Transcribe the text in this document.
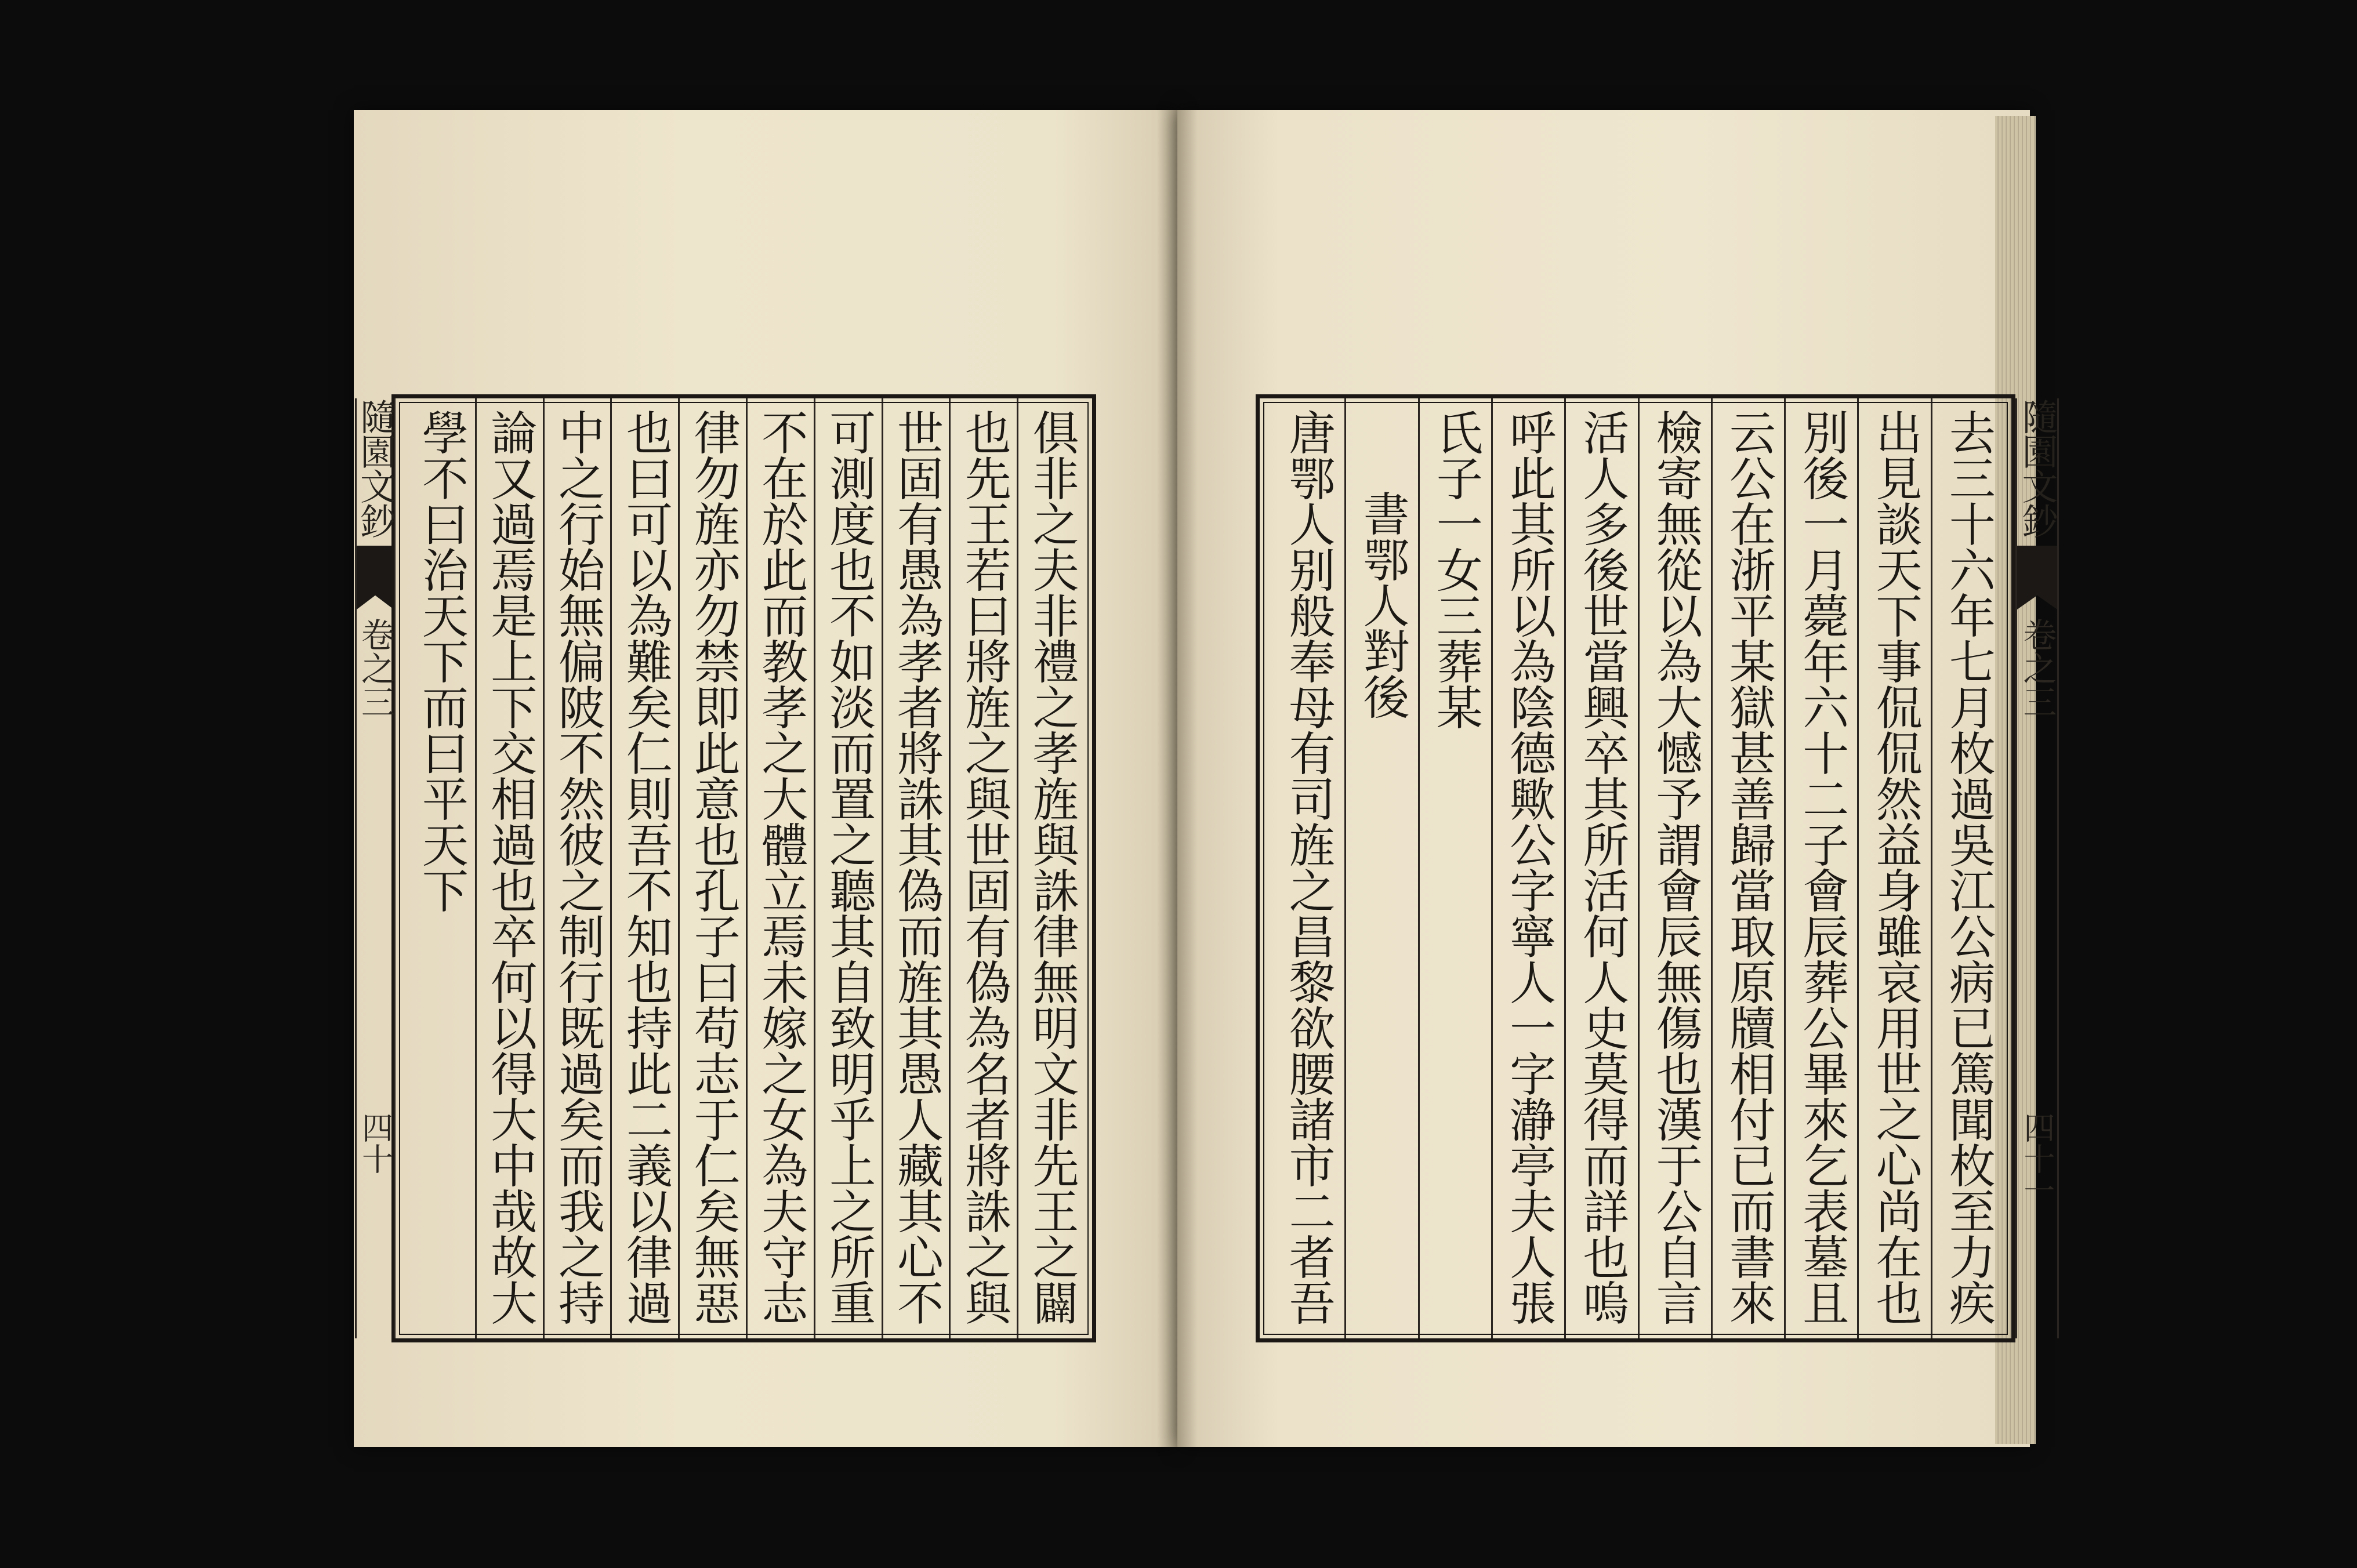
隨園文鈔
卷之三
四十	俱非之夫非禮之孝旌與誅律無明文非先王之闢
也先王若曰將旌之與世固有偽為名者將誅之與
世固有愚為孝者將誅其偽而旌其愚人藏其心不
可測度也不如淡而置之聽其自致明乎上之所重
不在於此而教孝之大體立焉未嫁之女為夫守志
律勿旌亦勿禁即此意也孔子曰苟志于仁矣無惡
也曰可以為難矣仁則吾不知也持此二義以律過
中之行始無偏陂不然彼之制行既過矣而我之持
論又過焉是上下交相過也卒何以得大中哉故大
學不曰治天下而曰平天下	去三十六年七月枚過吳江公病已篤聞枚至力疾
出見談天下事侃侃然益身雖哀用世之心尚在也
別後一月薨年六十二子會辰葬公畢來乞表墓且
云公在浙平某獄甚善歸當取原牘相付已而書來
檢寄無從以為大憾予謂會辰無傷也漢于公自言
活人多後世當興卒其所活何人史莫得而詳也嗚
呼此其所以為陰德歟公字寧人一字瀞亭夫人張
氏子一女三葬某
書鄂人對後
唐鄂人别般奉母有司旌之昌黎欲腰諸市二者吾	隨園文鈔
卷之三
四十一
